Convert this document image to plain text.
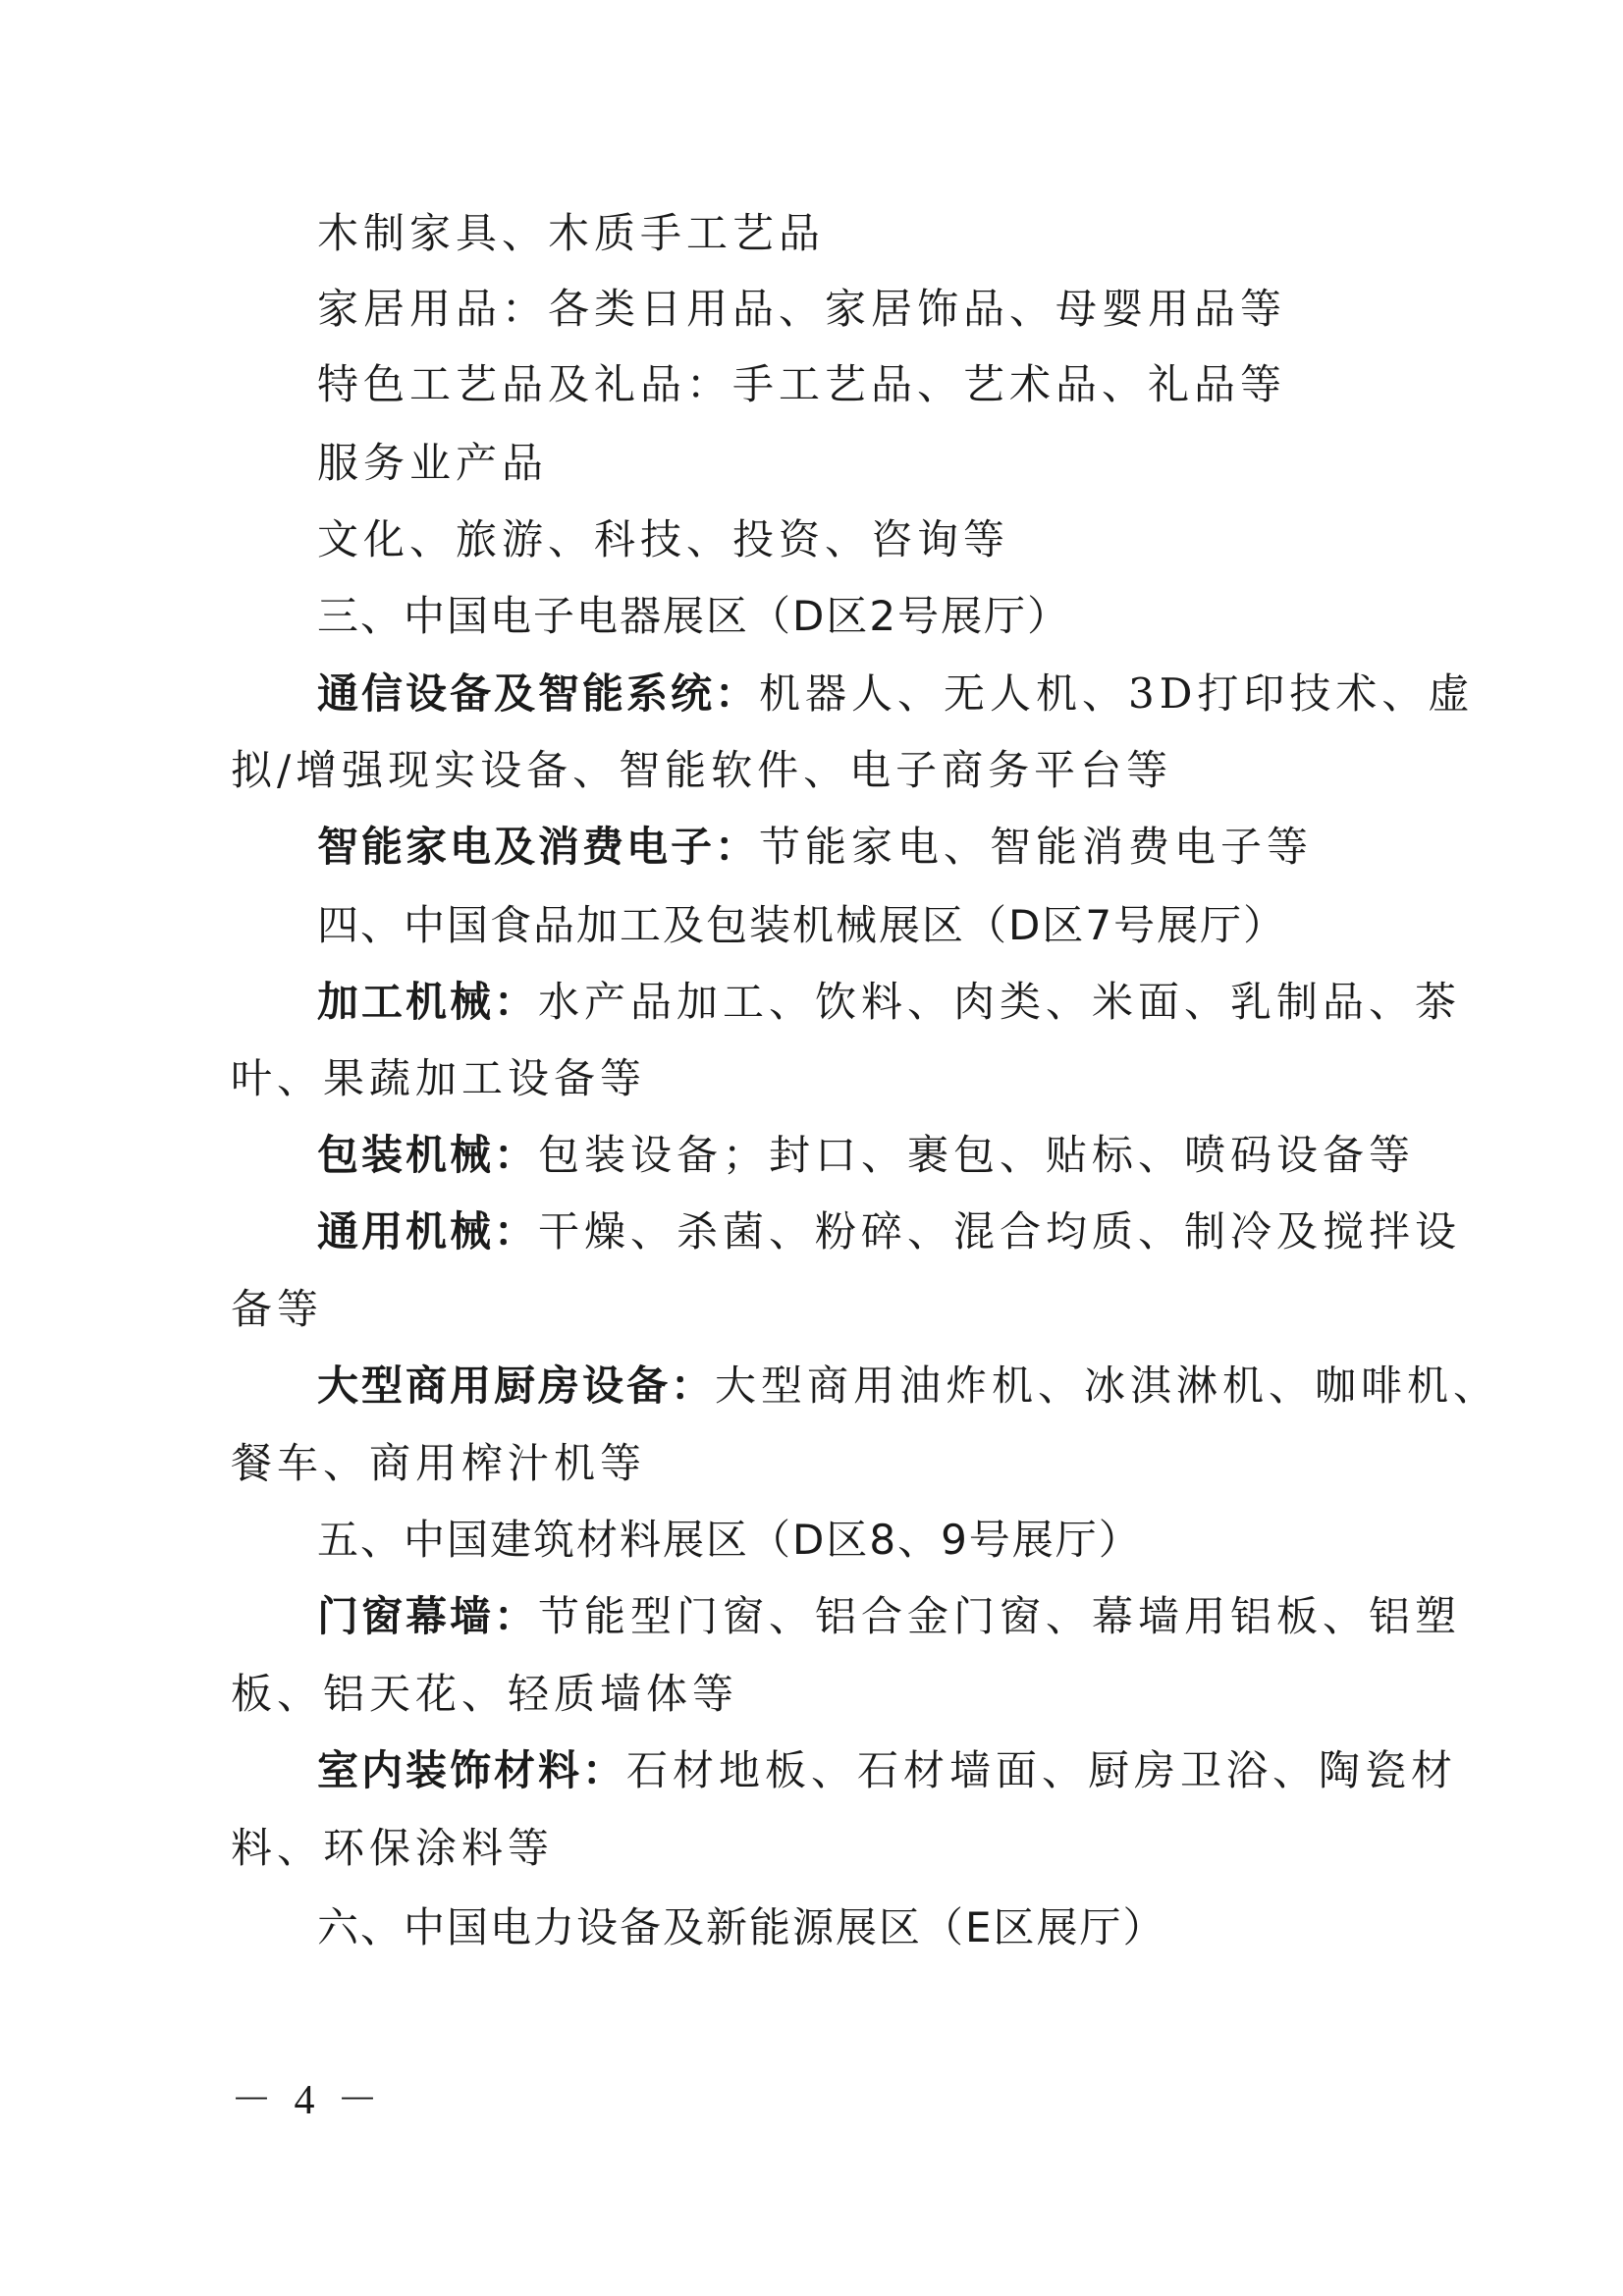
木制家具、木质手工艺品
家居用品：各类日用品、家居饰品、母婴用品等
特色工艺品及礼品：手工艺品、艺术品、礼品等
服务业产品
文化、旅游、科技、投资、咨询等
三、中国电子电器展区（D区2号展厅）
通信设备及智能系统：机器人、无人机、3D打印技术、虚
拟/增强现实设备、智能软件、电子商务平台等
智能家电及消费电子：节能家电、智能消费电子等
四、中国食品加工及包装机械展区（D区7号展厅）
加工机械：水产品加工、饮料、肉类、米面、乳制品、茶
叶、果蔬加工设备等
包装机械：包装设备；封口、裹包、贴标、喷码设备等
通用机械：干燥、杀菌、粉碎、混合均质、制冷及搅拌设
备等
大型商用厨房设备：大型商用油炸机、冰淇淋机、咖啡机、
餐车、商用榨汁机等
五、中国建筑材料展区（D区8、9号展厅）
门窗幕墙：节能型门窗、铝合金门窗、幕墙用铝板、铝塑
板、铝天花、轻质墙体等
室内装饰材料：石材地板、石材墙面、厨房卫浴、陶瓷材
料、环保涂料等
六、中国电力设备及新能源展区（E区展厅）
－ 4 －
